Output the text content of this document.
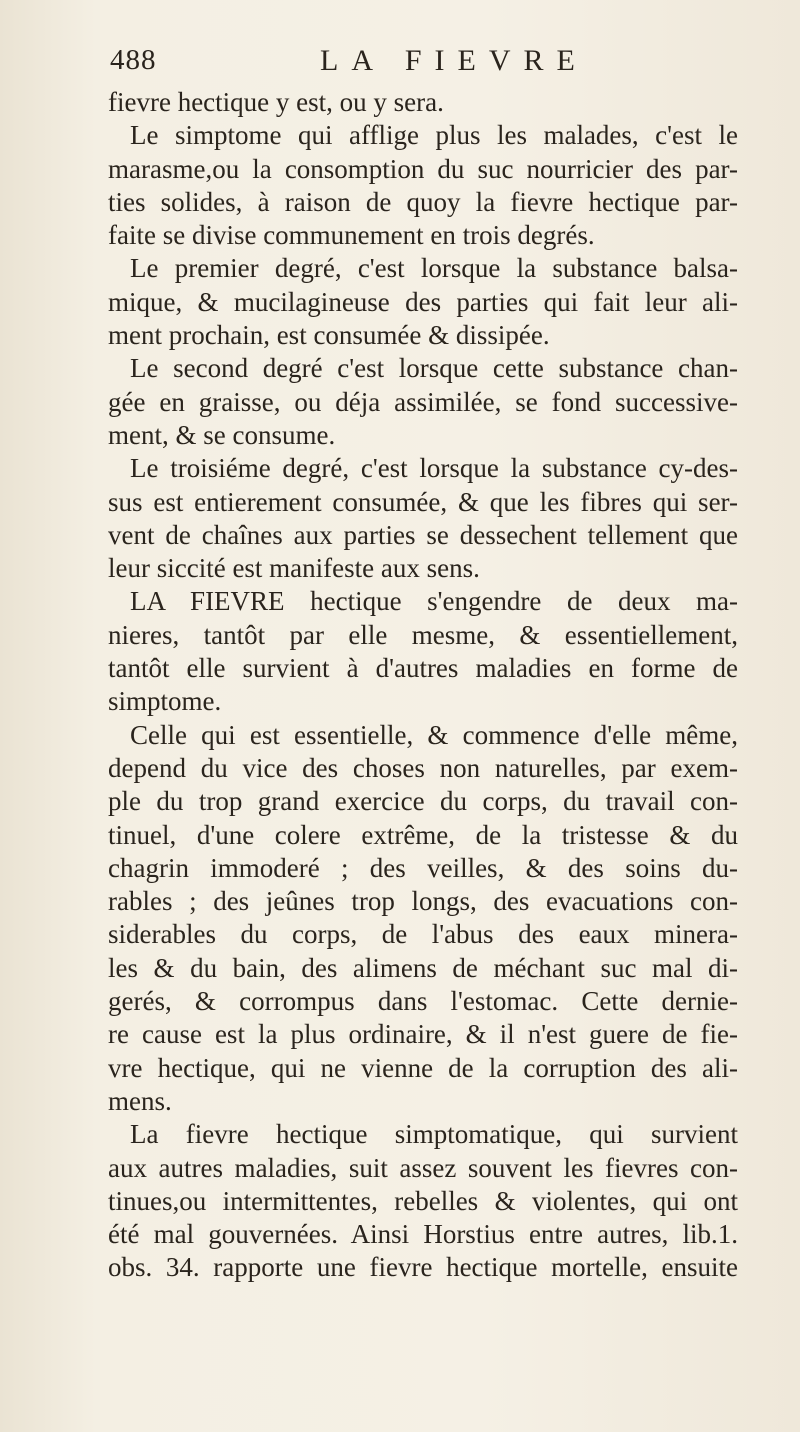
488	LA FIEVRE
fievre hectique y est, ou y sera.
Le simptome qui afflige plus les malades, c'est le
marasme,ou la consomption du suc nourricier des par-
ties solides, à raison de quoy la fievre hectique par-
faite se divise communement en trois degrés.
Le premier degré, c'est lorsque la substance balsa-
mique, & mucilagineuse des parties qui fait leur ali-
ment prochain, est consumée & dissipée.
Le second degré c'est lorsque cette substance chan-
gée en graisse, ou déja assimilée, se fond successive-
ment, & se consume.
Le troisiéme degré, c'est lorsque la substance cy-des-
sus est entierement consumée, & que les fibres qui ser-
vent de chaînes aux parties se dessechent tellement que
leur siccité est manifeste aux sens.
LA FIEVRE hectique s'engendre de deux ma-
nieres, tantôt par elle mesme, & essentiellement,
tantôt elle survient à d'autres maladies en forme de
simptome.
Celle qui est essentielle, & commence d'elle même,
depend du vice des choses non naturelles, par exem-
ple du trop grand exercice du corps, du travail con-
tinuel, d'une colere extrême, de la tristesse & du
chagrin immoderé ; des veilles, & des soins du-
rables ; des jeûnes trop longs, des evacuations con-
siderables du corps, de l'abus des eaux minera-
les & du bain, des alimens de méchant suc mal di-
gerés, & corrompus dans l'estomac. Cette dernie-
re cause est la plus ordinaire, & il n'est guere de fie-
vre hectique, qui ne vienne de la corruption des ali-
mens.
La fievre hectique simptomatique, qui survient
aux autres maladies, suit assez souvent les fievres con-
tinues,ou intermittentes, rebelles & violentes, qui ont
été mal gouvernées. Ainsi Horstius entre autres, lib.1.
obs. 34. rapporte une fievre hectique mortelle, ensuite
